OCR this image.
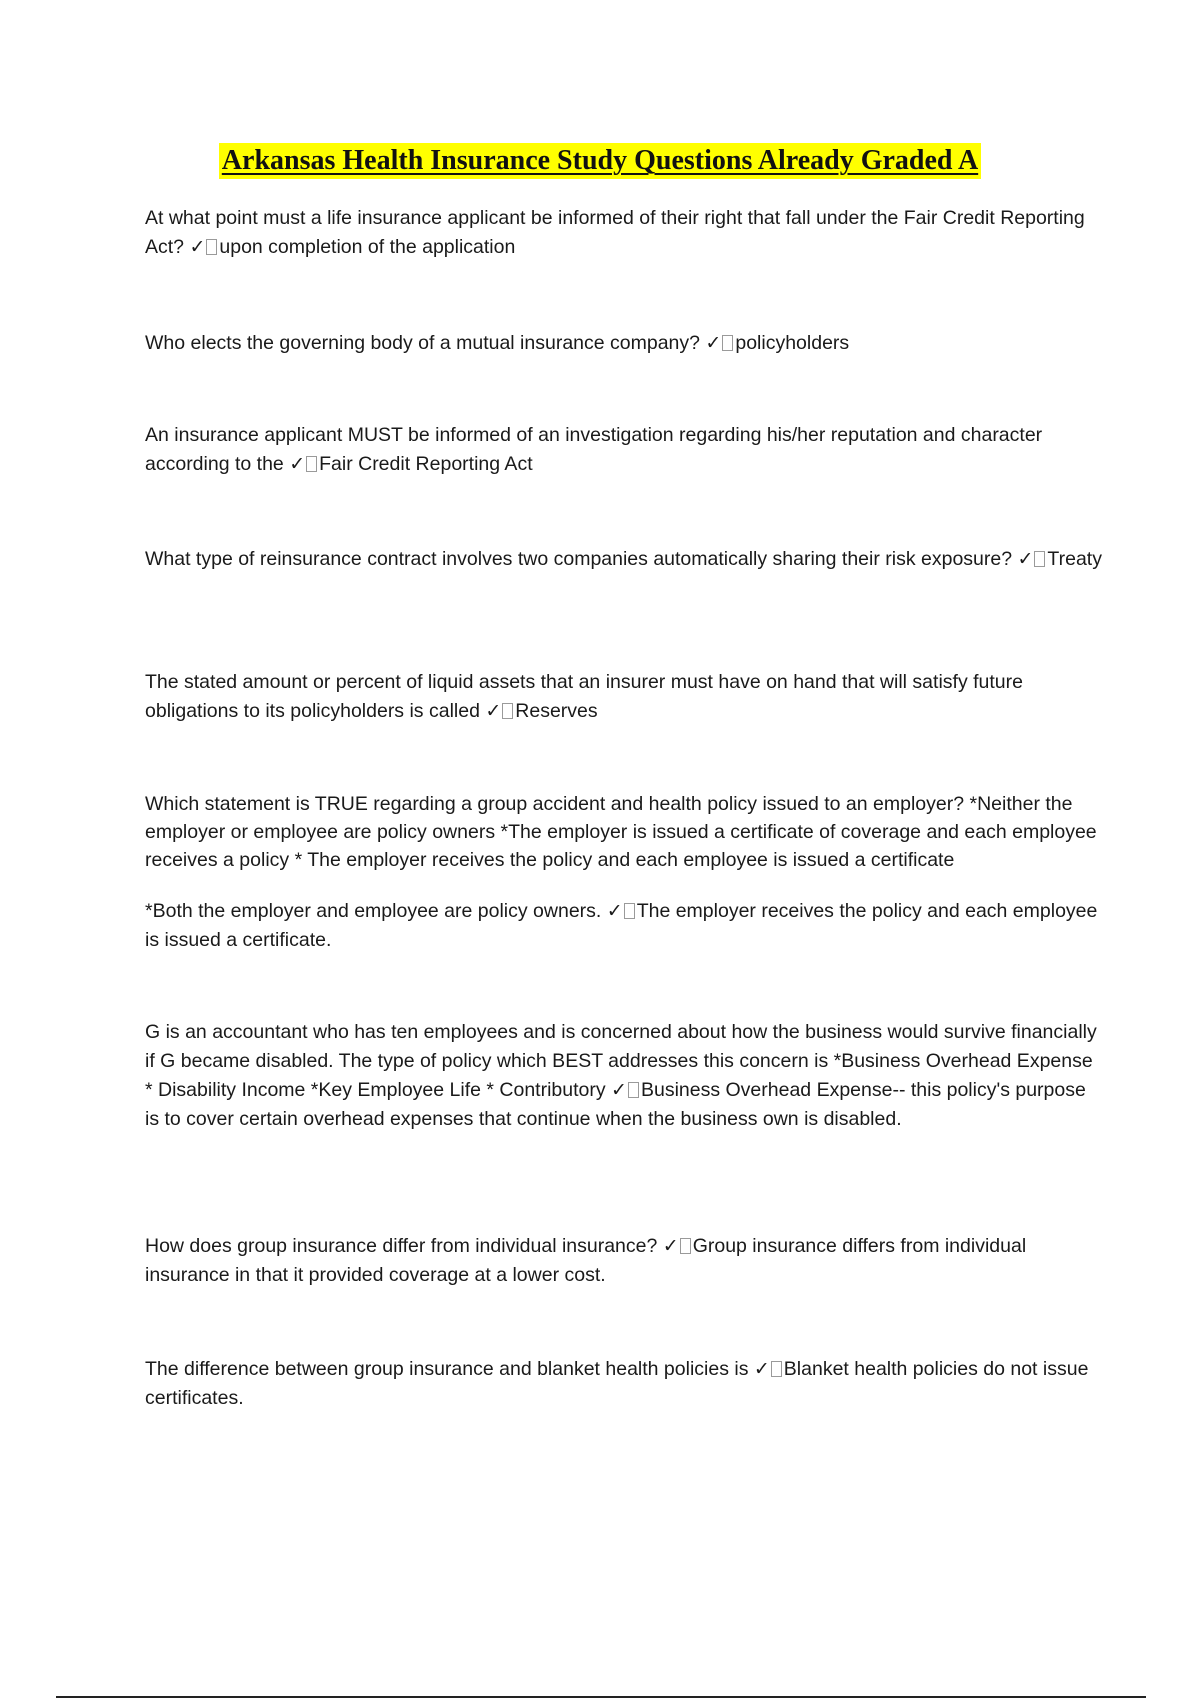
Arkansas Health Insurance Study Questions Already Graded A

At what point must a life insurance applicant be informed of their right that fall under the Fair Credit Reporting Act? ✓ upon completion of the application

Who elects the governing body of a mutual insurance company? ✓ policyholders

An insurance applicant MUST be informed of an investigation regarding his/her reputation and character according to the ✓ Fair Credit Reporting Act

What type of reinsurance contract involves two companies automatically sharing their risk exposure? ✓ Treaty

The stated amount or percent of liquid assets that an insurer must have on hand that will satisfy future obligations to its policyholders is called ✓ Reserves

Which statement is TRUE regarding a group accident and health policy issued to an employer? *Neither the employer or employee are policy owners *The employer is issued a certificate of coverage and each employee receives a policy * The employer receives the policy and each employee is issued a certificate

*Both the employer and employee are policy owners. ✓ The employer receives the policy and each employee is issued a certificate.

G is an accountant who has ten employees and is concerned about how the business would survive financially if G became disabled. The type of policy which BEST addresses this concern is *Business Overhead Expense * Disability Income *Key Employee Life * Contributory ✓ Business Overhead Expense-- this policy's purpose is to cover certain overhead expenses that continue when the business own is disabled.

How does group insurance differ from individual insurance? ✓ Group insurance differs from individual insurance in that it provided coverage at a lower cost.

The difference between group insurance and blanket health policies is ✓ Blanket health policies do not issue certificates.
